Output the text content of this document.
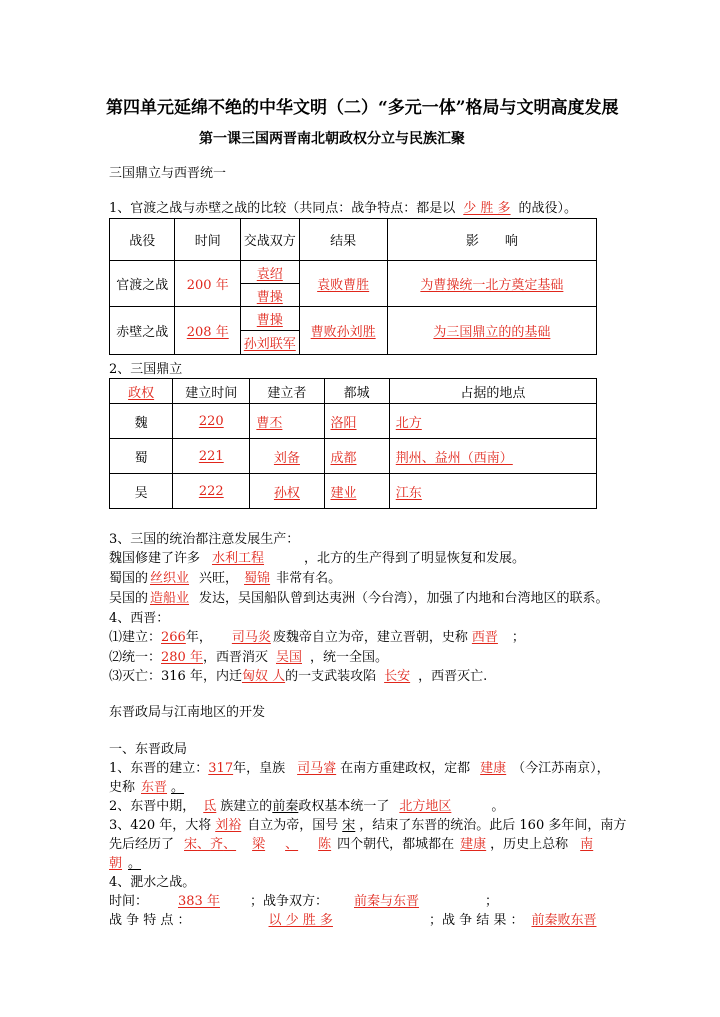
第四单元延绵不绝的中华文明（二）“多元一体”格局与文明高度发展
第一课三国两晋南北朝政权分立与民族汇聚
三国鼎立与西晋统一
1、官渡之战与赤壁之战的比较（共同点：战争特点：都是以 少 胜 多 的战役）。
战役	时间	交战双方	结果	影　　响
官渡之战	200 年	袁绍	袁败曹胜	为曹操统一北方奠定基础
		曹操		
赤壁之战	208 年	曹操	曹败孙刘胜	为三国鼎立的的基础
		孙刘联军		
2、三国鼎立
政权	建立时间	建立者	都城	占据的地点
魏	220	曹丕	洛阳	北方
蜀	221	刘备	成都	荆州、益州（西南）
吴	222	孙权	建业	江东
3、三国的统治都注意发展生产：
魏国修建了许多 水利工程	，北方的生产得到了明显恢复和发展。
蜀国的 丝织业 兴旺， 蜀锦 非常有名。
吴国的 造船业 发达，吴国船队曾到达夷洲（今台湾），加强了内地和台湾地区的联系。
4、西晋：
⑴建立：266年， 司马炎 废魏帝自立为帝，建立晋朝，史称 西晋 ；
⑵统一：280 年，西晋消灭 吴国 ，统一全国。
⑶灭亡：316 年，内迁匈奴 人的一支武装攻陷 长安 ，西晋灭亡.
东晋政局与江南地区的开发
一、东晋政局
1、东晋的建立：317年，皇族 司马睿 在南方重建政权，定都 建康 （今江苏南京），
史称 东晋 。
2、东晋中期， 氐 族建立的前秦政权基本统一了 北方地区	。
3、420 年，大将 刘裕 自立为帝，国号 宋 ，结束了东晋的统治。此后 160 多年间，南方
先后经历了 宋、齐、 梁 、 陈 四个朝代，都城都在 建康 ，历史上总称 南
朝 。
4、淝水之战。
时间： 383 年 ；战争双方： 前秦与东晋	；
战 争 特 点 ：	以 少 胜 多	；战 争 结 果 ： 前秦败东晋
